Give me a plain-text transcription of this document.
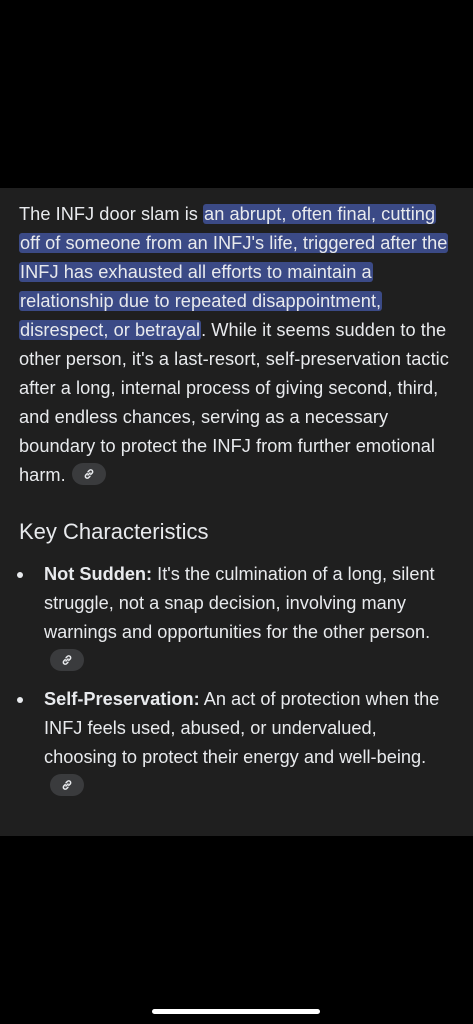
The INFJ door slam is an abrupt, often final, cutting off of someone from an INFJ's life, triggered after the INFJ has exhausted all efforts to maintain a relationship due to repeated disappointment, disrespect, or betrayal. While it seems sudden to the other person, it's a last-resort, self-preservation tactic after a long, internal process of giving second, third, and endless chances, serving as a necessary boundary to protect the INFJ from further emotional harm.

Key Characteristics
Not Sudden: It's the culmination of a long, silent struggle, not a snap decision, involving many warnings and opportunities for the other person.
Self-Preservation: An act of protection when the INFJ feels used, abused, or undervalued, choosing to protect their energy and well-being.
